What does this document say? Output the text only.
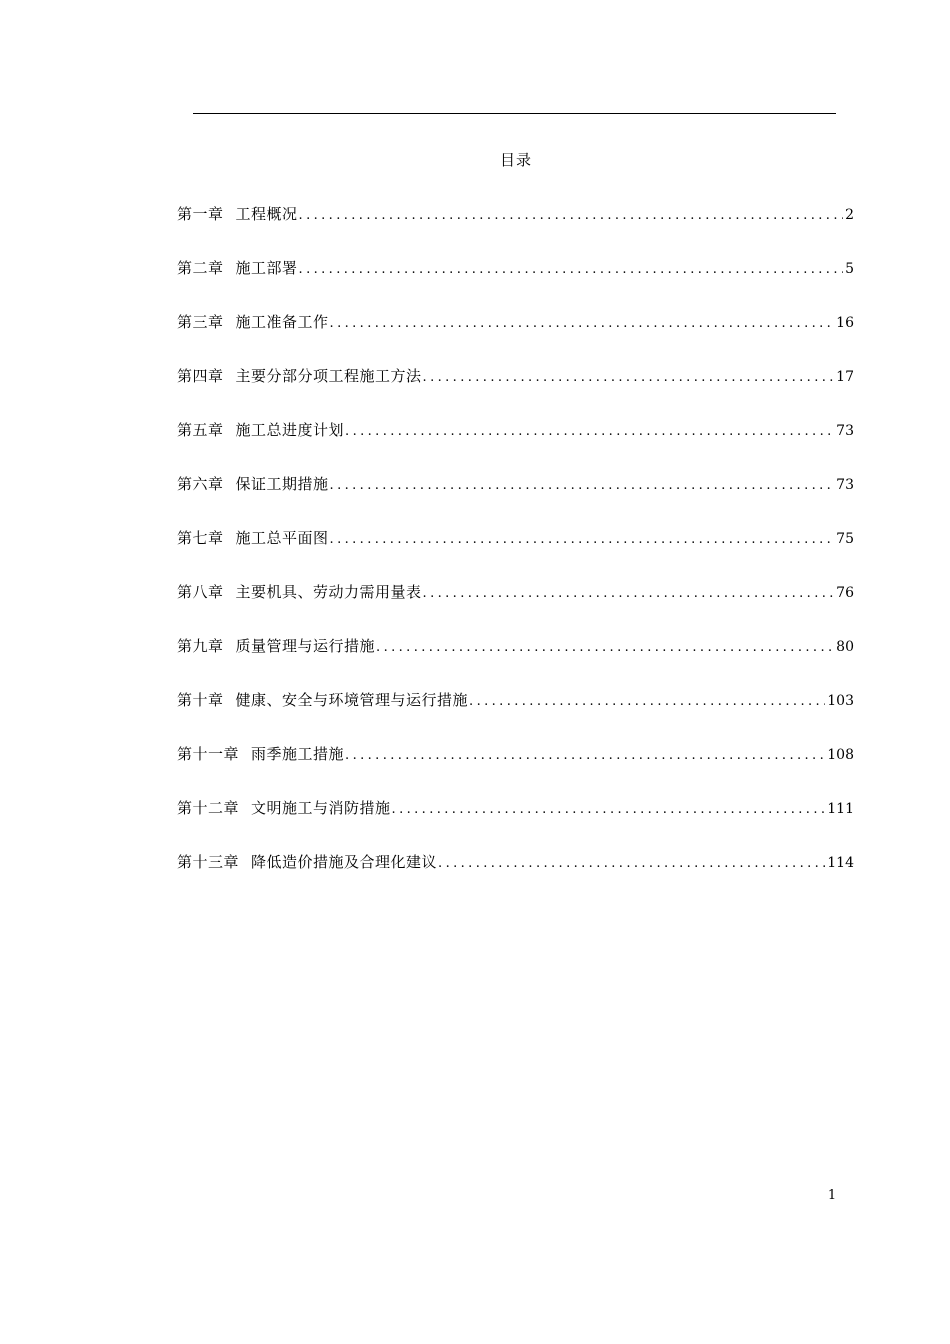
目录
第一章 工程概况 .....	2
第二章 施工部署 .....	5
第三章 施工准备工作 .....	16
第四章 主要分部分项工程施工方法 .....	17
第五章 施工总进度计划 .....	73
第六章 保证工期措施 .....	73
第七章 施工总平面图 .....	75
第八章 主要机具、劳动力需用量表 .....	76
第九章 质量管理与运行措施 .....	80
第十章 健康、安全与环境管理与运行措施 .....	103
第十一章 雨季施工措施 .....	108
第十二章 文明施工与消防措施 .....	111
第十三章 降低造价措施及合理化建议 .....	114
1
